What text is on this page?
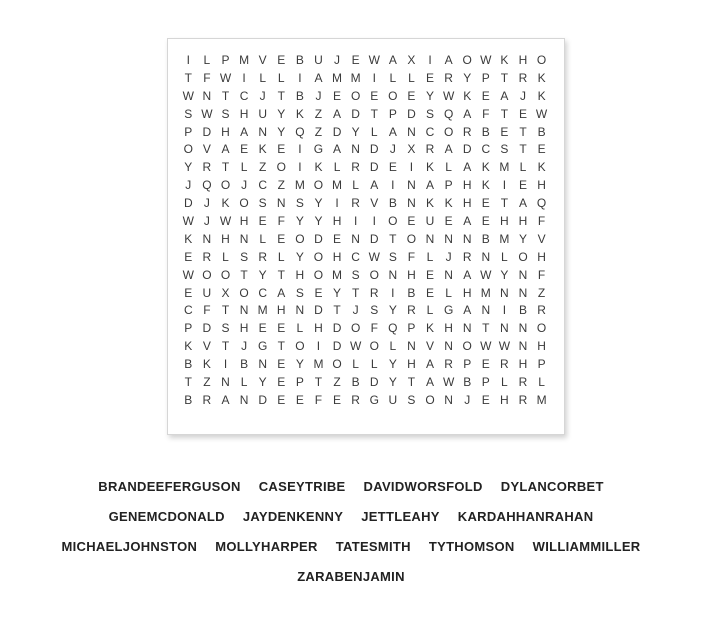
I	L P M V E B U J E W A X	I	A O W K H O
T F W I	L L	I	A M M I	L L E R Y P T R K
W N T C J T B J E O E O E Y W K E A J K
S W S H U Y K Z A D T P D S Q A F T E W
P D H A N Y Q Z D Y L A N C O R B E T B
O V A E K E	I	G A N D J X R A D C S T E
Y R T L Z O	I	K L R D E	I	K L A K M L K
J Q O J C Z M O M L A	I	N A P H K	I	E H
D J K O S N S Y	I	R V B N K K H E T A Q
W J W H E F Y Y H	I	I	O E U E A E H H F
K N H N L E O D E N D T O N N N B M Y V
E R L S R L Y O H C W S F L	J R N L O H
W O O T Y T H O M S O N H E N A W Y N F
E U X O C A S E Y T R	I	B E L H M N N Z
C F T N M H N D T J S Y R L G A N	I	B R
P D S H E E L H D O F Q P K H N T N N O
K V T J G T O	I	D W O L N V N O W W N H
B K	I	B N E Y M O L L Y H A R P E R H P
T Z N L Y E P T Z B D Y T A W B P L R L
B R A N D E E F E R G U S O N J E H R M
BRANDEEFERGUSON CASEYTRIBE DAVIDWORSFOLD DYLANCORBET
GENEMCDONALD JAYDENKENNY JETTLEAHY KARDAHHANRAHAN
MICHAELJOHNSTON MOLLYHARPER TATESMITH TYTHOMSON WILLIAMMILLER
ZARABENJAMIN
